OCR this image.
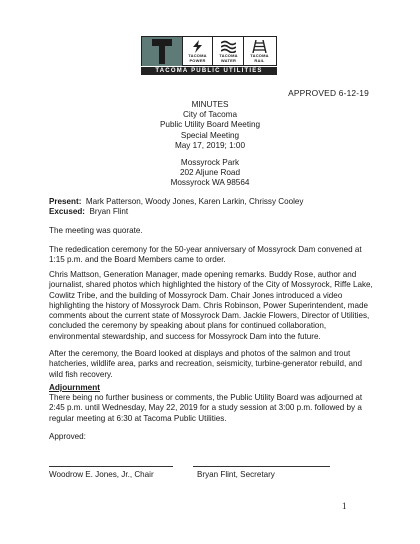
TACOMA
POWER
TACOMA
WATER
TACOMA
RAIL
TACOMA PUBLIC UTILITIES
APPROVED 6-12-19
MINUTES
City of Tacoma
Public Utility Board Meeting
Special Meeting
May 17, 2019; 1:00
Mossyrock Park
202 Aljune Road
Mossyrock WA 98564
Present: Mark Patterson, Woody Jones, Karen Larkin, Chrissy Cooley
Excused: Bryan Flint

The meeting was quorate.

The rededication ceremony for the 50-year anniversary of Mossyrock Dam convened at 1:15 p.m. and the Board Members came to order.

Chris Mattson, Generation Manager, made opening remarks. Buddy Rose, author and journalist, shared photos which highlighted the history of the City of Mossyrock, Riffe Lake, Cowlitz Tribe, and the building of Mossyrock Dam. Chair Jones introduced a video highlighting the history of Mossyrock Dam. Chris Robinson, Power Superintendent, made comments about the current state of Mossyrock Dam. Jackie Flowers, Director of Utilities, concluded the ceremony by speaking about plans for continued collaboration, environmental stewardship, and success for Mossyrock Dam into the future.

After the ceremony, the Board looked at displays and photos of the salmon and trout hatcheries, wildlife area, parks and recreation, seismicity, turbine-generator rebuild, and wild fish recovery.

Adjournment

There being no further business or comments, the Public Utility Board was adjourned at 2:45 p.m. until Wednesday, May 22, 2019 for a study session at 3:00 p.m. followed by a regular meeting at 6:30 at Tacoma Public Utilities.

Approved:
Woodrow E. Jones, Jr., Chair	Bryan Flint, Secretary
1
